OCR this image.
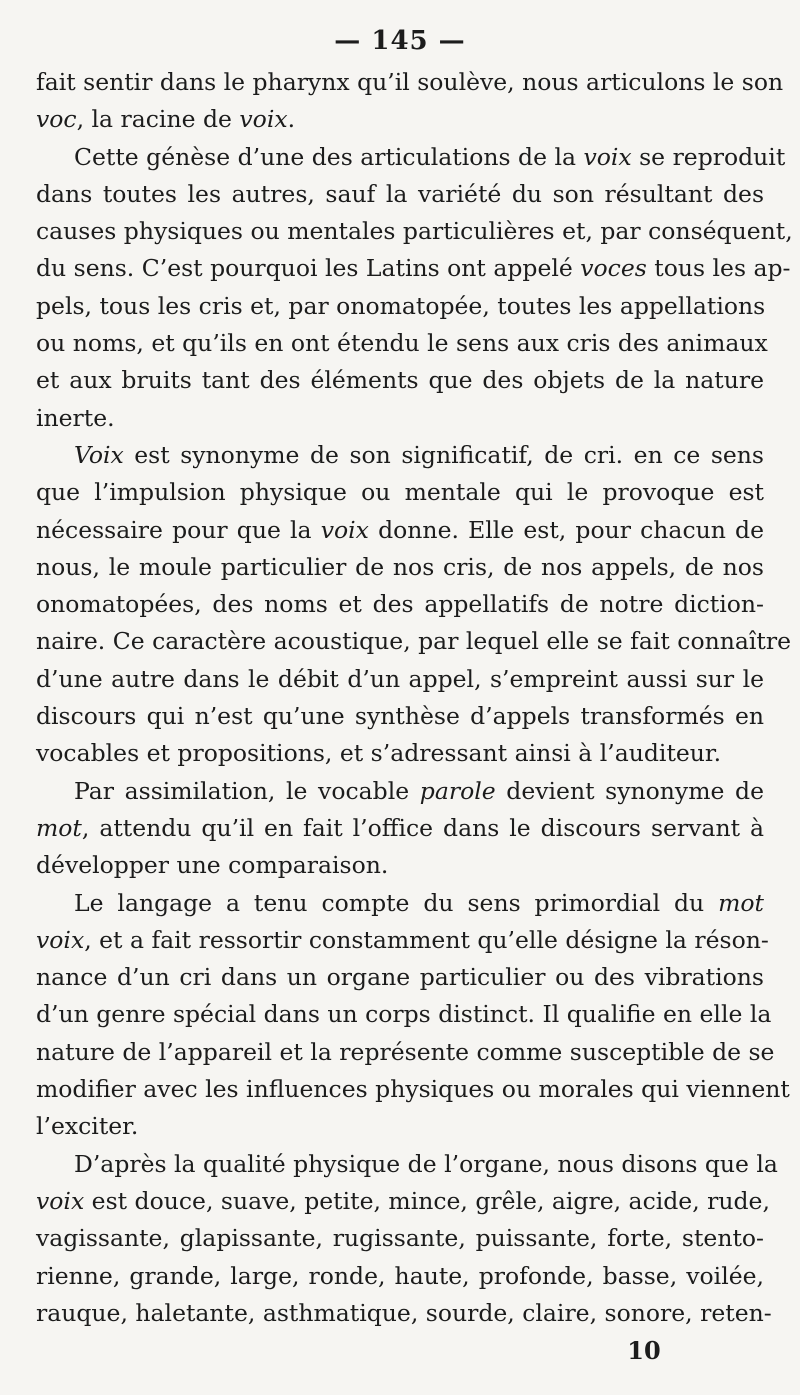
— 145 —
fait sentir dans le pharynx qu’il soulève, nous articulons le son
voc, la racine de voix.
Cette génèse d’une des articulations de la voix se reproduit
dans toutes les autres, sauf la variété du son résultant des
causes physiques ou mentales particulières et, par conséquent,
du sens. C’est pourquoi les Latins ont appelé voces tous les ap-
pels, tous les cris et, par onomatopée, toutes les appellations
ou noms, et qu’ils en ont étendu le sens aux cris des animaux
et aux bruits tant des éléments que des objets de la nature
inerte.
Voix est synonyme de son significatif, de cri. en ce sens
que l’impulsion physique ou mentale qui le provoque est
nécessaire pour que la voix donne. Elle est, pour chacun de
nous, le moule particulier de nos cris, de nos appels, de nos
onomatopées, des noms et des appellatifs de notre diction-
naire. Ce caractère acoustique, par lequel elle se fait connaître
d’une autre dans le débit d’un appel, s’empreint aussi sur le
discours qui n’est qu’une synthèse d’appels transformés en
vocables et propositions, et s’adressant ainsi à l’auditeur.
Par assimilation, le vocable parole devient synonyme de
mot, attendu qu’il en fait l’office dans le discours servant à
développer une comparaison.
Le langage a tenu compte du sens primordial du mot
voix, et a fait ressortir constamment qu’elle désigne la réson-
nance d’un cri dans un organe particulier ou des vibrations
d’un genre spécial dans un corps distinct. Il qualifie en elle la
nature de l’appareil et la représente comme susceptible de se
modifier avec les influences physiques ou morales qui viennent
l’exciter.
D’après la qualité physique de l’organe, nous disons que la
voix est douce, suave, petite, mince, grêle, aigre, acide, rude,
vagissante, glapissante, rugissante, puissante, forte, stento-
rienne, grande, large, ronde, haute, profonde, basse, voilée,
rauque, haletante, asthmatique, sourde, claire, sonore, reten-
10
